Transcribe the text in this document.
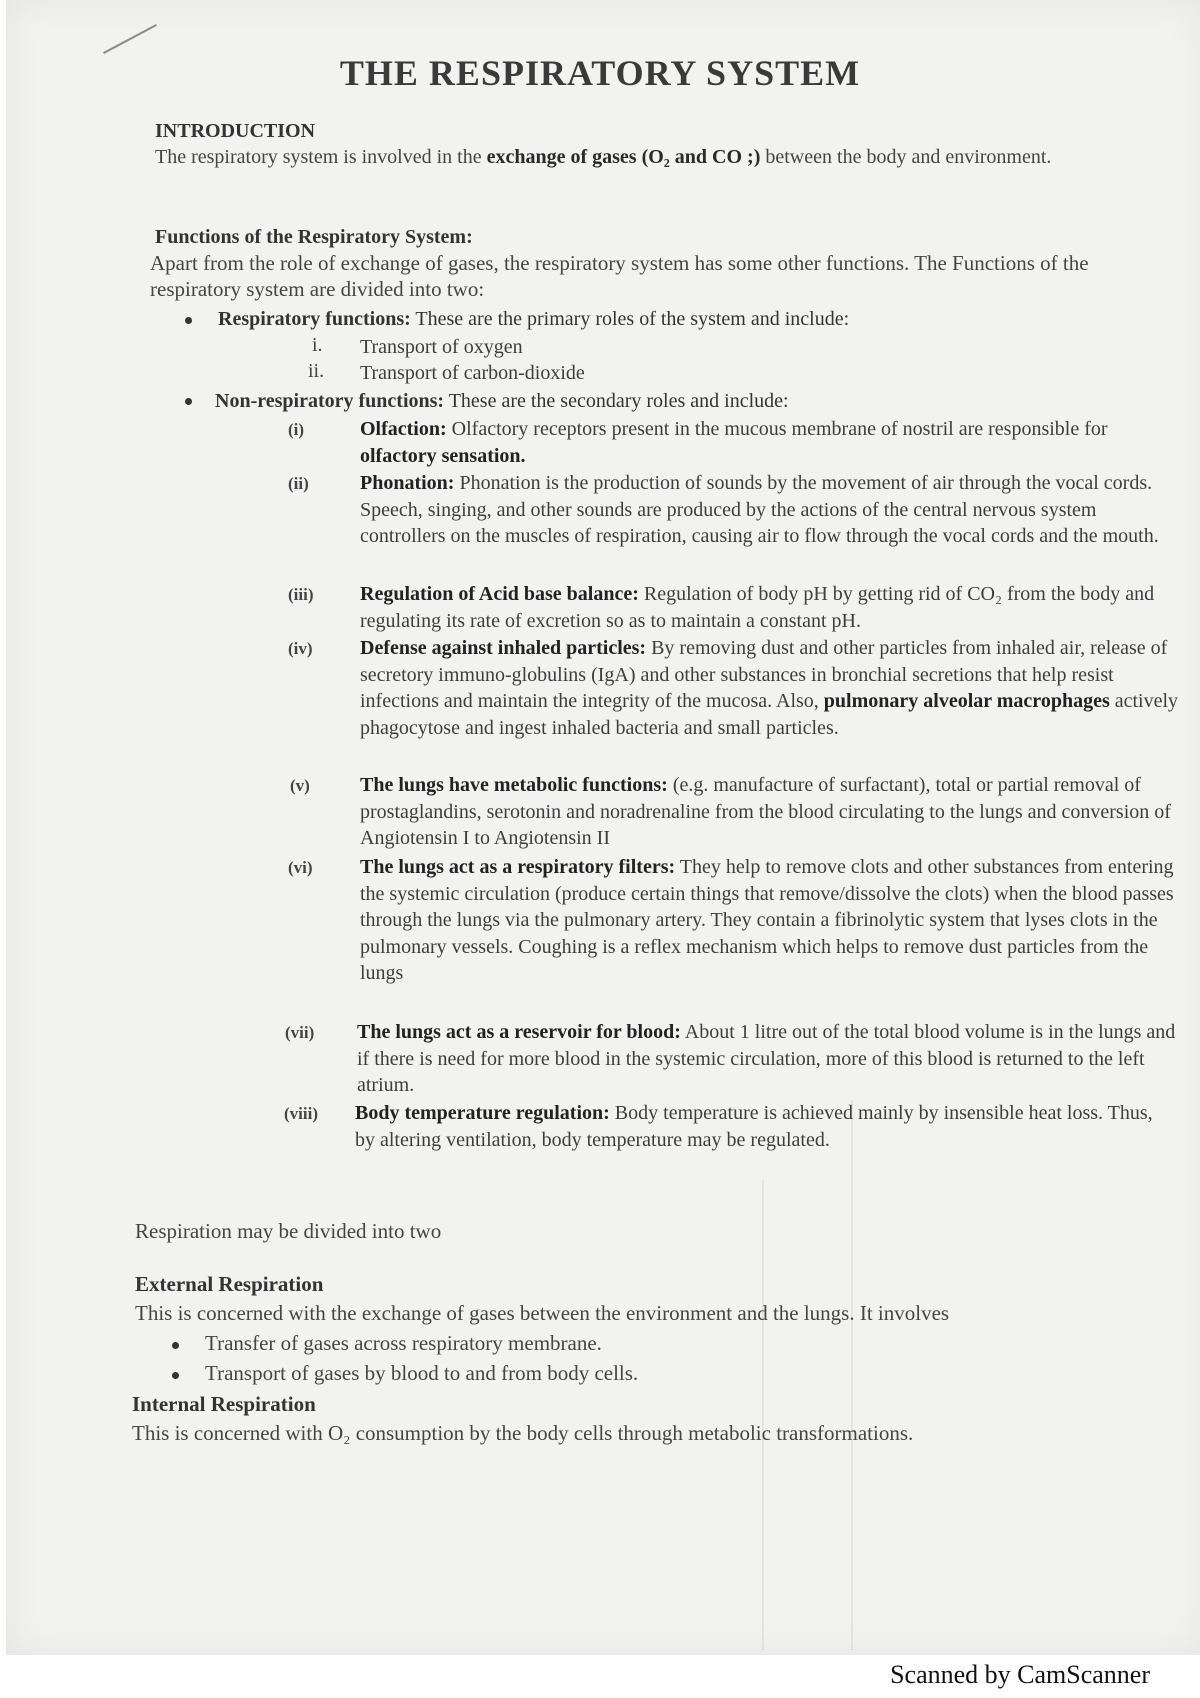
THE RESPIRATORY SYSTEM
INTRODUCTION
The respiratory system is involved in the exchange of gases (O₂ and CO ;) between the body and environment.
Functions of the Respiratory System:
Apart from the role of exchange of gases, the respiratory system has some other functions. The Functions of the respiratory system are divided into two:
Respiratory functions: These are the primary roles of the system and include:
i. Transport of oxygen
ii. Transport of carbon-dioxide
Non-respiratory functions: These are the secondary roles and include:
(i)	Olfaction: Olfactory receptors present in the mucous membrane of nostril are responsible for olfactory sensation.
(ii)	Phonation: Phonation is the production of sounds by the movement of air through the vocal cords. Speech, singing, and other sounds are produced by the actions of the central nervous system controllers on the muscles of respiration, causing air to flow through the vocal cords and the mouth.
(iii) Regulation of Acid base balance: Regulation of body pH by getting rid of CO₂ from the body and regulating its rate of excretion so as to maintain a constant pH.
(iv) Defense against inhaled particles: By removing dust and other particles from inhaled air, release of secretory immuno-globulins (IgA) and other substances in bronchial secretions that help resist infections and maintain the integrity of the mucosa. Also, pulmonary alveolar macrophages actively phagocytose and ingest inhaled bacteria and small particles.
(v)	The lungs have metabolic functions: (e.g. manufacture of surfactant), total or partial removal of prostaglandins, serotonin and noradrenaline from the blood circulating to the lungs and conversion of Angiotensin I to Angiotensin II
(vi) The lungs act as a respiratory filters: They help to remove clots and other substances from entering the systemic circulation (produce certain things that remove/dissolve the clots) when the blood passes through the lungs via the pulmonary artery. They contain a fibrinolytic system that lyses clots in the pulmonary vessels. Coughing is a reflex mechanism which helps to remove dust particles from the lungs
(vii) The lungs act as a reservoir for blood: About 1 litre out of the total blood volume is in the lungs and if there is need for more blood in the systemic circulation, more of this blood is returned to the left atrium.
(viii) Body temperature regulation: Body temperature is achieved mainly by insensible heat loss. Thus, by altering ventilation, body temperature may be regulated.
Respiration may be divided into two
External Respiration
This is concerned with the exchange of gases between the environment and the lungs. It involves
Transfer of gases across respiratory membrane.
Transport of gases by blood to and from body cells.
Internal Respiration
This is concerned with O₂ consumption by the body cells through metabolic transformations.
Scanned by CamScanner
